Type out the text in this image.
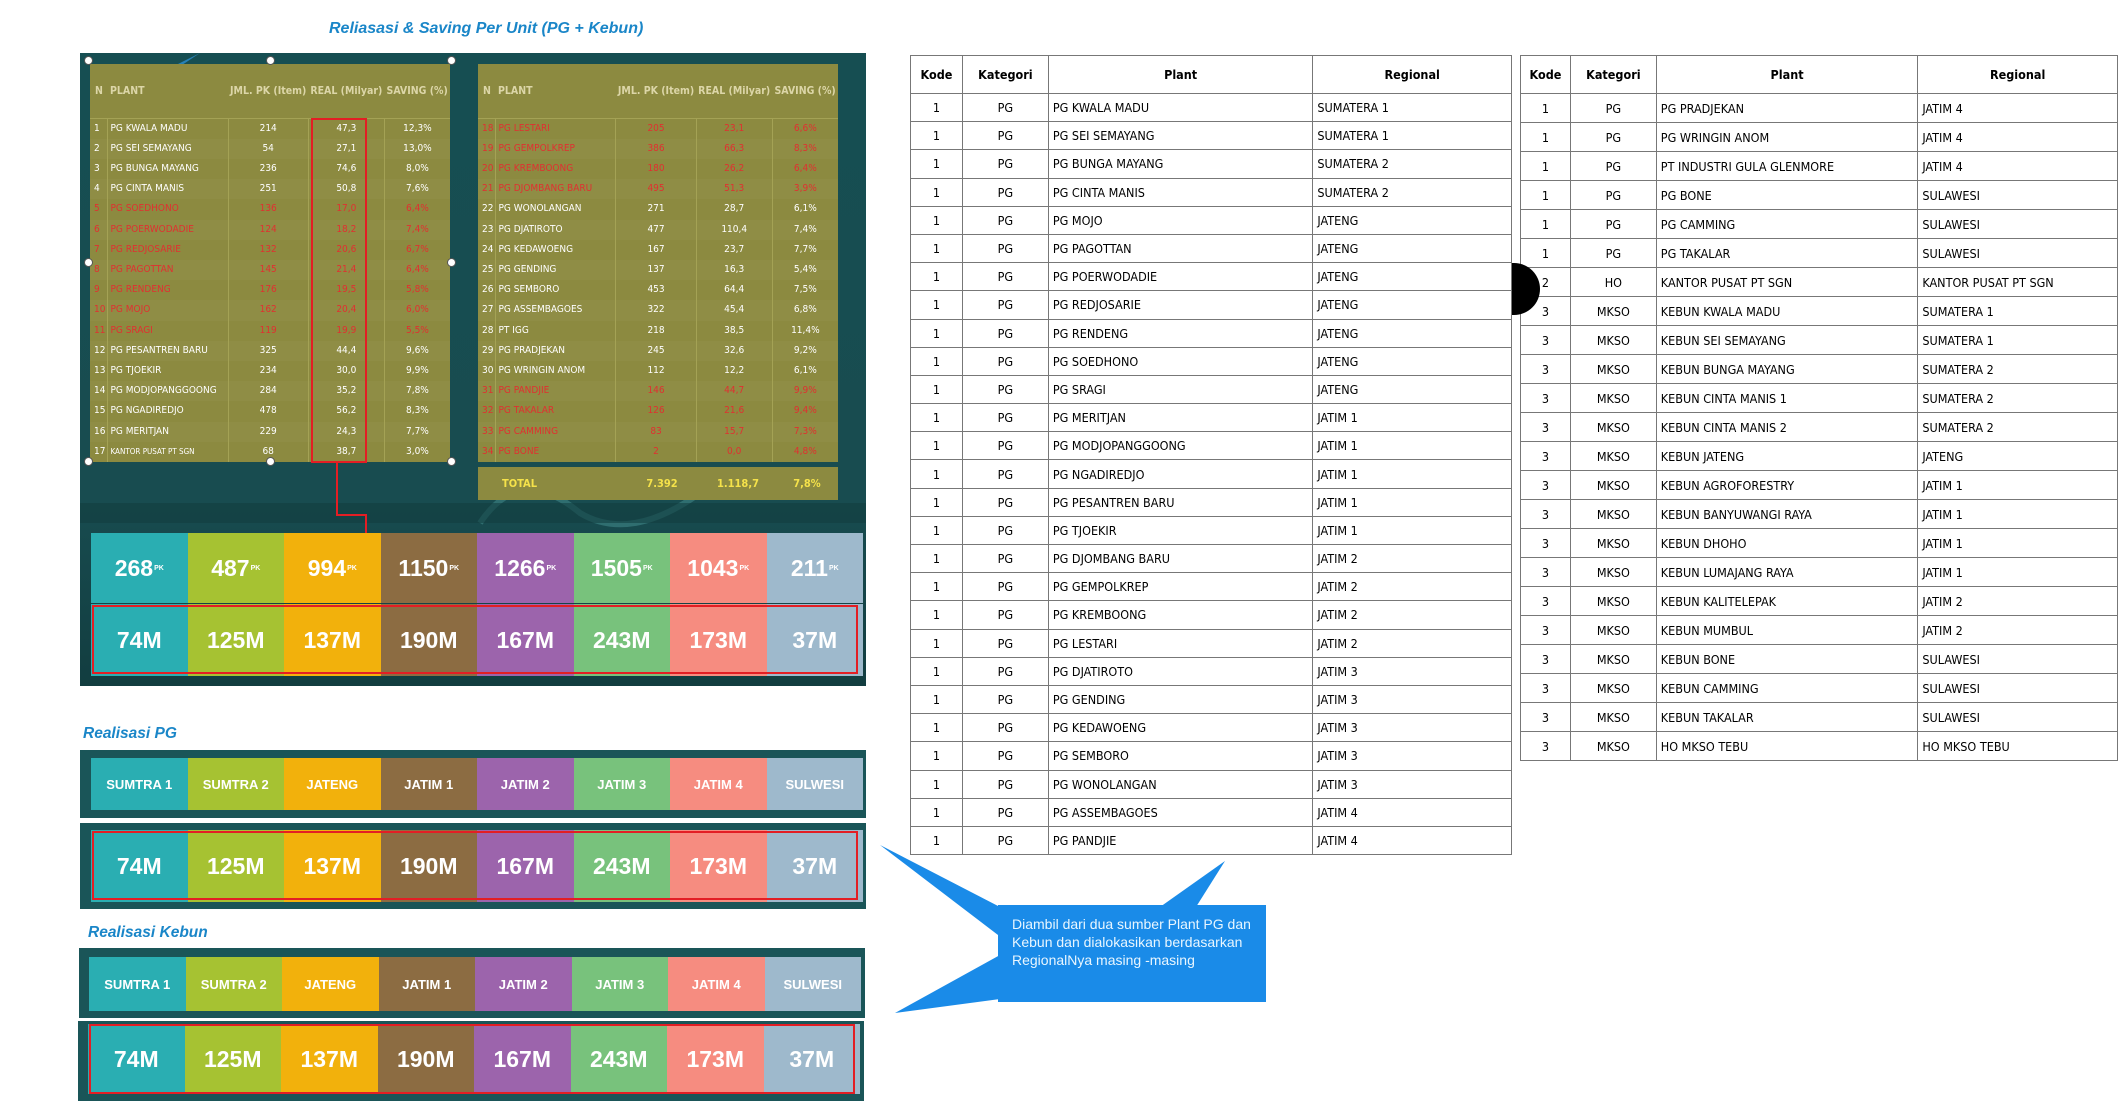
Reliasasi & Saving Per Unit (PG + Kebun)
N	PLANT	JML. PK (Item)	REAL (Milyar)	SAVING (%)
1	PG KWALA MADU	214	47,3	12,3%
2	PG SEI SEMAYANG	54	27,1	13,0%
3	PG BUNGA MAYANG	236	74,6	8,0%
4	PG CINTA MANIS	251	50,8	7,6%
5	PG SOEDHONO	136	17,0	6,4%
6	PG POERWODADIE	124	18,2	7,4%
7	PG REDJOSARIE	132	20,6	6,7%
8	PG PAGOTTAN	145	21,4	6,4%
9	PG RENDENG	176	19,5	5,8%
10	PG MOJO	162	20,4	6,0%
11	PG SRAGI	119	19,9	5,5%
12	PG PESANTREN BARU	325	44,4	9,6%
13	PG TJOEKIR	234	30,0	9,9%
14	PG MODJOPANGGOONG	284	35,2	7,8%
15	PG NGADIREDJO	478	56,2	8,3%
16	PG MERITJAN	229	24,3	7,7%
17	KANTOR PUSAT PT SGN	68	38,7	3,0%
N	PLANT	JML. PK (Item)	REAL (Milyar)	SAVING (%)
18	PG LESTARI	205	23,1	6,6%
19	PG GEMPOLKREP	386	66,3	8,3%
20	PG KREMBOONG	180	26,2	6,4%
21	PG DJOMBANG BARU	495	51,3	3,9%
22	PG WONOLANGAN	271	28,7	6,1%
23	PG DJATIROTO	477	110,4	7,4%
24	PG KEDAWOENG	167	23,7	7,7%
25	PG GENDING	137	16,3	5,4%
26	PG SEMBORO	453	64,4	7,5%
27	PG ASSEMBAGOES	322	45,4	6,8%
28	PT IGG	218	38,5	11,4%
29	PG PRADJEKAN	245	32,6	9,2%
30	PG WRINGIN ANOM	112	12,2	6,1%
31	PG PANDJIE	146	44,7	9,9%
32	PG TAKALAR	126	21,6	9,4%
33	PG CAMMING	83	15,7	7,3%
34	PG BONE	2	0,0	4,8%
TOTAL	7.392	1.118,7	7,8%
268 PK 487 PK 994 PK 1150 PK 1266 PK 1505 PK 1043 PK 211 PK
74M 125M 137M 190M 167M 243M 173M 37M
Realisasi PG
SUMTRA 1 SUMTRA 2	JATENG	JATIM 1	JATIM 2	JATIM 3	JATIM 4	SULWESI
74M 125M 137M 190M 167M 243M 173M 37M
Realisasi Kebun
SUMTRA 1 SUMTRA 2	JATENG	JATIM 1	JATIM 2	JATIM 3	JATIM 4	SULWESI
74M 125M 137M 190M 167M 243M 173M 37M
Kode	Kategori	Plant	Regional
1	PG	PG KWALA MADU	SUMATERA 1
1	PG	PG SEI SEMAYANG	SUMATERA 1
1	PG	PG BUNGA MAYANG	SUMATERA 2
1	PG	PG CINTA MANIS	SUMATERA 2
1	PG	PG MOJO	JATENG
1	PG	PG PAGOTTAN	JATENG
1	PG	PG POERWODADIE	JATENG
1	PG	PG REDJOSARIE	JATENG
1	PG	PG RENDENG	JATENG
1	PG	PG SOEDHONO	JATENG
1	PG	PG SRAGI	JATENG
1	PG	PG MERITJAN	JATIM 1
1	PG	PG MODJOPANGGOONG	JATIM 1
1	PG	PG NGADIREDJO	JATIM 1
1	PG	PG PESANTREN BARU	JATIM 1
1	PG	PG TJOEKIR	JATIM 1
1	PG	PG DJOMBANG BARU	JATIM 2
1	PG	PG GEMPOLKREP	JATIM 2
1	PG	PG KREMBOONG	JATIM 2
1	PG	PG LESTARI	JATIM 2
1	PG	PG DJATIROTO	JATIM 3
1	PG	PG GENDING	JATIM 3
1	PG	PG KEDAWOENG	JATIM 3
1	PG	PG SEMBORO	JATIM 3
1	PG	PG WONOLANGAN	JATIM 3
1	PG	PG ASSEMBAGOES	JATIM 4
1	PG	PG PANDJIE	JATIM 4
Kode	Kategori	Plant	Regional
1	PG	PG PRADJEKAN	JATIM 4
1	PG	PG WRINGIN ANOM	JATIM 4
1	PG	PT INDUSTRI GULA GLENMORE	JATIM 4
1	PG	PG BONE	SULAWESI
1	PG	PG CAMMING	SULAWESI
1	PG	PG TAKALAR	SULAWESI
2	HO	KANTOR PUSAT PT SGN	KANTOR PUSAT PT SGN
3	MKSO	KEBUN KWALA MADU	SUMATERA 1
3	MKSO	KEBUN SEI SEMAYANG	SUMATERA 1
3	MKSO	KEBUN BUNGA MAYANG	SUMATERA 2
3	MKSO	KEBUN CINTA MANIS 1	SUMATERA 2
3	MKSO	KEBUN CINTA MANIS 2	SUMATERA 2
3	MKSO	KEBUN JATENG	JATENG
3	MKSO	KEBUN AGROFORESTRY	JATIM 1
3	MKSO	KEBUN BANYUWANGI RAYA	JATIM 1
3	MKSO	KEBUN DHOHO	JATIM 1
3	MKSO	KEBUN LUMAJANG RAYA	JATIM 1
3	MKSO	KEBUN KALITELEPAK	JATIM 2
3	MKSO	KEBUN MUMBUL	JATIM 2
3	MKSO	KEBUN BONE	SULAWESI
3	MKSO	KEBUN CAMMING	SULAWESI
3	MKSO	KEBUN TAKALAR	SULAWESI
3	MKSO	HO MKSO TEBU	HO MKSO TEBU
Diambil dari dua sumber Plant PG dan Kebun dan dialokasikan berdasarkan RegionalNya masing -masing
